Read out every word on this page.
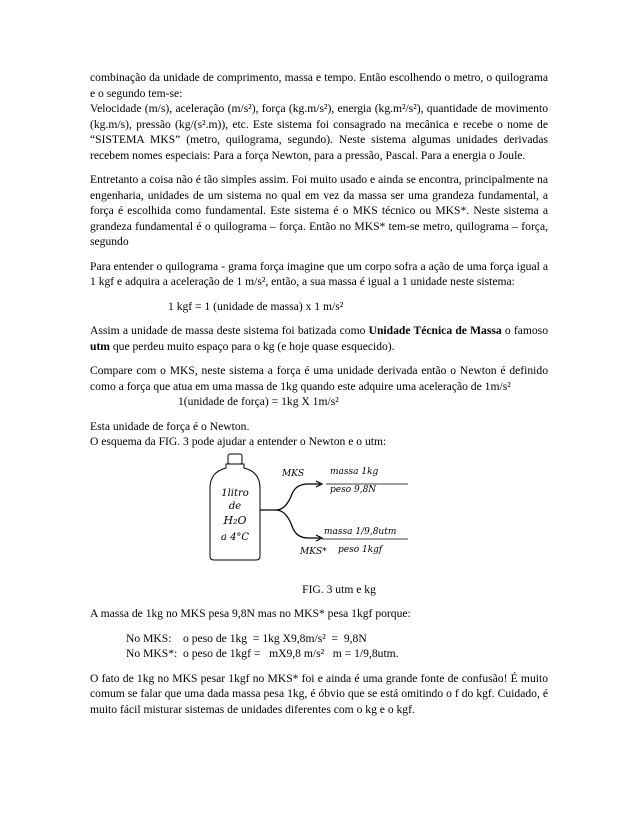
combinação da unidade de comprimento, massa e tempo. Então escolhendo o metro, o quilograma e o segundo tem-se:

Velocidade (m/s), aceleração (m/s²), força (kg.m/s²), energia (kg.m²/s²), quantidade de movimento (kg.m/s), pressão (kg/(s².m)), etc. Este sistema foi consagrado na mecânica e recebe o nome de “SISTEMA MKS” (metro, quilograma, segundo). Neste sistema algumas unidades derivadas recebem nomes especiais: Para a força Newton, para a pressão, Pascal. Para a energia o Joule.

Entretanto a coisa não é tão simples assim. Foi muito usado e ainda se encontra, principalmente na engenharia, unidades de um sistema no qual em vez da massa ser uma grandeza fundamental, a força é escolhida como fundamental. Este sistema é o MKS técnico ou MKS*. Neste sistema a grandeza fundamental é o quilograma – força. Então no MKS* tem-se metro, quilograma – força, segundo

Para entender o quilograma - grama força imagine que um corpo sofra a ação de uma força igual a 1 kgf e adquira a aceleração de 1 m/s², então, a sua massa é igual a 1 unidade neste sistema:

1 kgf = 1 (unidade de massa) x 1 m/s²

Assim a unidade de massa deste sistema foi batizada como Unidade Técnica de Massa o famoso utm que perdeu muito espaço para o kg (e hoje quase esquecido).

Compare com o MKS, neste sistema a força é uma unidade derivada então o Newton é definido como a força que atua em uma massa de 1kg quando este adquire uma aceleração de 1m/s²

1(unidade de força) = 1kg X 1m/s²

Esta unidade de força é o Newton.

O esquema da FIG. 3 pode ajudar a entender o Newton e o utm:

1litro
de
H₂O
a 4°C
MKS	massa 1kg
peso 9,8N
massa 1/9,8utm
peso 1kgf
MKS*

FIG. 3 utm e kg

A massa de 1kg no MKS pesa 9,8N mas no MKS* pesa 1kgf porque:

No MKS:    o peso de 1kg  = 1kg X9,8m/s²  =  9,8N

No MKS*:  o peso de 1kgf =   mX9,8 m/s²   m = 1/9,8utm.

O fato de 1kg no MKS pesar 1kgf no MKS* foi e ainda é uma grande fonte de confusão! É muito comum se falar que uma dada massa pesa 1kg, é óbvio que se está omitindo o f do kgf. Cuidado, é muito fácil misturar sistemas de unidades diferentes com o kg e o kgf.
